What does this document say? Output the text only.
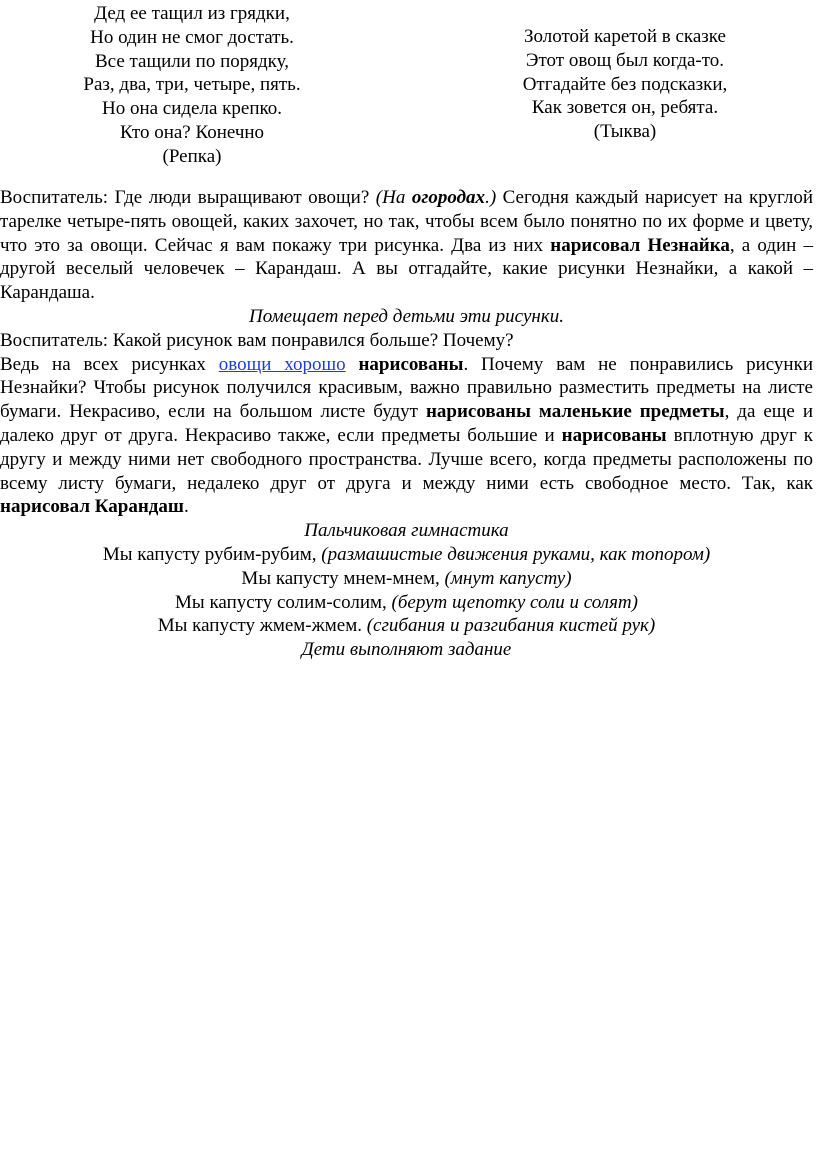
Дед ее тащил из грядки,
Но один не смог достать.
Все тащили по порядку,
Раз, два, три, четыре, пять.
Но она сидела крепко.
Кто она? Конечно
(Репка)
Золотой каретой в сказке
Этот овощ был когда-то.
Отгадайте без подсказки,
Как зовется он, ребята.
(Тыква)

Воспитатель: Где люди выращивают овощи? (На огородах.) Сегодня каждый нарисует на круглой тарелке четыре-пять овощей, каких захочет, но так, чтобы всем было понятно по их форме и цвету, что это за овощи. Сейчас я вам покажу три рисунка. Два из них нарисовал Незнайка, а один – другой веселый человечек – Карандаш. А вы отгадайте, какие рисунки Незнайки, а какой – Карандаша.

Помещает перед детьми эти рисунки.

Воспитатель: Какой рисунок вам понравился больше? Почему?

Ведь на всех рисунках овощи хорошо нарисованы. Почему вам не понравились рисунки Незнайки? Чтобы рисунок получился красивым, важно правильно разместить предметы на листе бумаги. Некрасиво, если на большом листе будут нарисованы маленькие предметы, да еще и далеко друг от друга. Некрасиво также, если предметы большие и нарисованы вплотную друг к другу и между ними нет свободного пространства. Лучше всего, когда предметы расположены по всему листу бумаги, недалеко друг от друга и между ними есть свободное место. Так, как нарисовал Карандаш.

Пальчиковая гимнастика

Мы капусту рубим-рубим, (размашистые движения руками, как топором)

Мы капусту мнем-мнем, (мнут капусту)

Мы капусту солим-солим, (берут щепотку соли и солят)

Мы капусту жмем-жмем. (сгибания и разгибания кистей рук)

Дети выполняют задание
